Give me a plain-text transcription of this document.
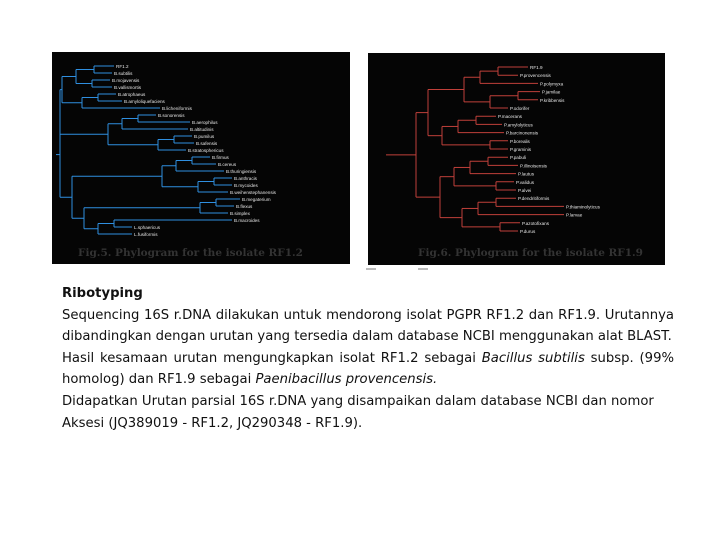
RF1.2
B.subtilis
B.mojavensis
B.vallismortis
B.atrophaeus
B.amyloliquefaciens
B.licheniformis
B.sonorensis
B.aerophilus
B.altitudinis
B.pumilus
B.safensis
B.stratosphericus
B.firmus
B.cereus
B.thuringiensis
B.anthracis
B.mycoides
B.weihenstephanensis
B.megaterium
B.flexus
B.simplex
B.macroides
L.sphaericus
L.fusiformis
Fig.5. Phylogram for the isolate RF1.2
RF1.9
P.provencensis
P.polymyxa
P.jamilae
P.kribbensis
P.odorifer
P.macerans
P.amylolyticus
P.barcinonensis
P.borealis
P.graminis
P.pabuli
P.illinoisensis
P.lautus
P.validus
P.alvei
P.dendritiformis
P.thiaminolyticus
P.larvae
P.azotofixans
P.durus
Fig.6. Phylogram for the isolate RF1.9
Ribotyping

Sequencing 16S r.DNA dilakukan untuk mendorong isolat PGPR RF1.2 dan RF1.9. Urutannya dibandingkan dengan urutan yang tersedia dalam database NCBI menggunakan alat BLAST.

Hasil kesamaan urutan mengungkapkan isolat RF1.2 sebagai Bacillus subtilis subsp. (99% homolog) dan RF1.9 sebagai Paenibacillus provencensis.

Didapatkan Urutan parsial 16S r.DNA yang disampaikan dalam database NCBI dan nomor Aksesi (JQ389019 - RF1.2, JQ290348 - RF1.9).
